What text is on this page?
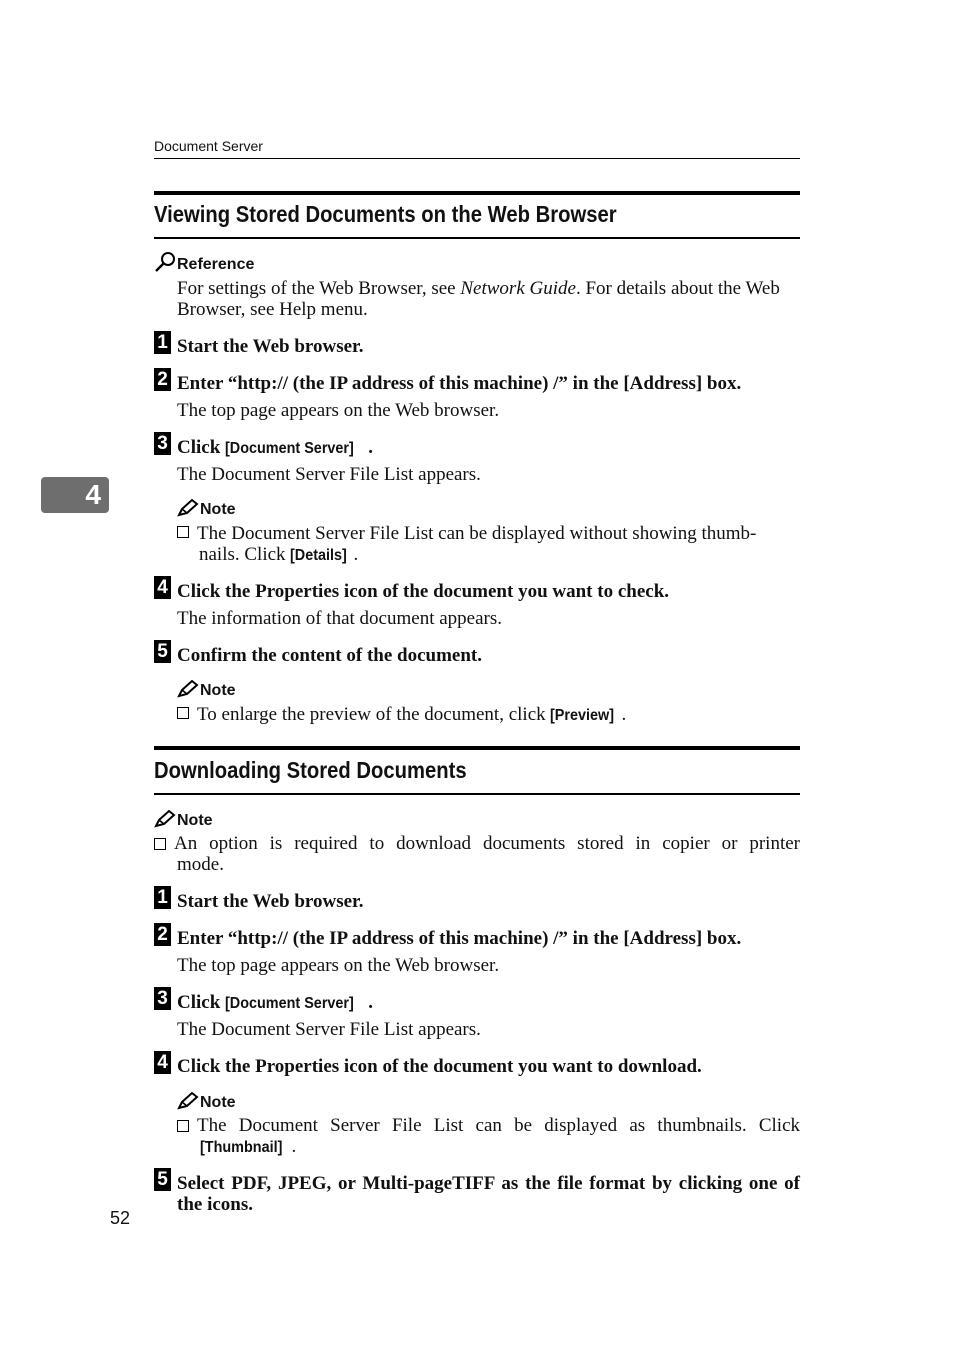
Document Server
4
Viewing Stored Documents on the Web Browser
Reference
For settings of the Web Browser, see Network Guide. For details about the Web
Browser, see Help menu.
1 Start the Web browser.
2 Enter “http:// (the IP address of this machine) /” in the [Address] box.
The top page appears on the Web browser.
3 Click [Document Server] .
The Document Server File List appears.
Note
The Document Server File List can be displayed without showing thumb-
nails. Click [Details] .
4 Click the Properties icon of the document you want to check.
The information of that document appears.
5 Confirm the content of the document.
Note
To enlarge the preview of the document, click [Preview] .
Downloading Stored Documents
Note
An option is required to download documents stored in copier or printer
mode.
1 Start the Web browser.
2 Enter “http:// (the IP address of this machine) /” in the [Address] box.
The top page appears on the Web browser.
3 Click [Document Server] .
The Document Server File List appears.
4 Click the Properties icon of the document you want to download.
Note
The Document Server File List can be displayed as thumbnails. Click
[Thumbnail] .
5 Select PDF, JPEG, or Multi-pageTIFF as the file format by clicking one of
the icons.
52
